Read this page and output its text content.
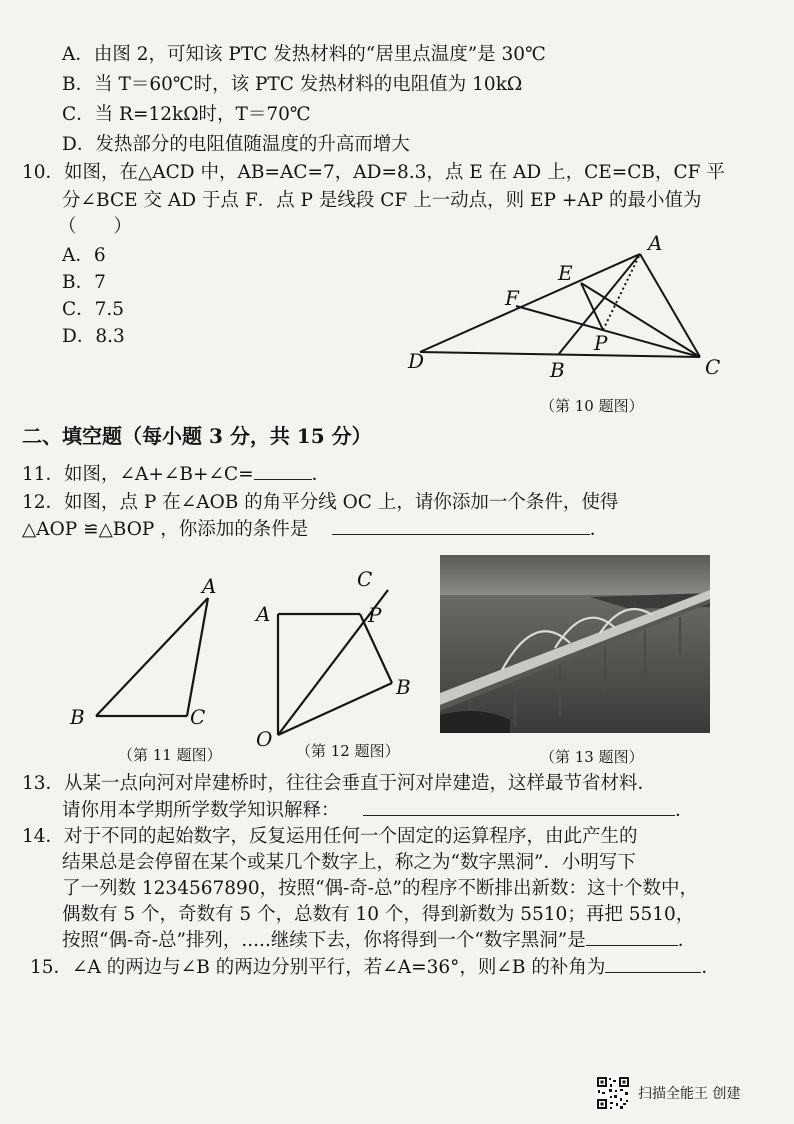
A．由图 2，可知该 PTC 发热材料的“居里点温度”是 30℃
B．当 T＝60℃时，该 PTC 发热材料的电阻值为 10kΩ
C．当 R=12kΩ时，T＝70℃
D．发热部分的电阻值随温度的升高而增大
10．如图，在△ACD 中，AB=AC=7，AD=8.3，点 E 在 AD 上，CE=CB，CF 平
分∠BCE 交 AD 于点 F．点 P 是线段 CF 上一动点，则 EP +AP 的最小值为
（　　）
A．6
B．7
C．7.5
D．8.3
A
E
F
P
D	B	C
（第 10 题图）
二、填空题（每小题 3 分，共 15 分）
11．如图，∠A+∠B+∠C=	．
12．如图，点 P 在∠AOB 的角平分线 OC 上，请你添加一个条件，使得
△AOP ≌△BOP ，你添加的条件是	．
A
B	C
（第 11 题图）
C
A	P
B
O （第 12 题图）	（第 13 题图）
13．从某一点向河对岸建桥时，往往会垂直于河对岸建造，这样最节省材料．
请你用本学期所学数学知识解释：	．
14．对于不同的起始数字，反复运用任何一个固定的运算程序，由此产生的
结果总是会停留在某个或某几个数字上，称之为“数字黑洞”．小明写下
了一列数 1234567890，按照“偶-奇-总”的程序不断排出新数：这十个数中，
偶数有 5 个，奇数有 5 个，总数有 10 个，得到新数为 5510；再把 5510，
按照“偶-奇-总”排列，.....继续下去，你将得到一个“数字黑洞”是	．
15．∠A 的两边与∠B 的两边分别平行，若∠A=36°，则∠B 的补角为	．
扫描全能王 创建
